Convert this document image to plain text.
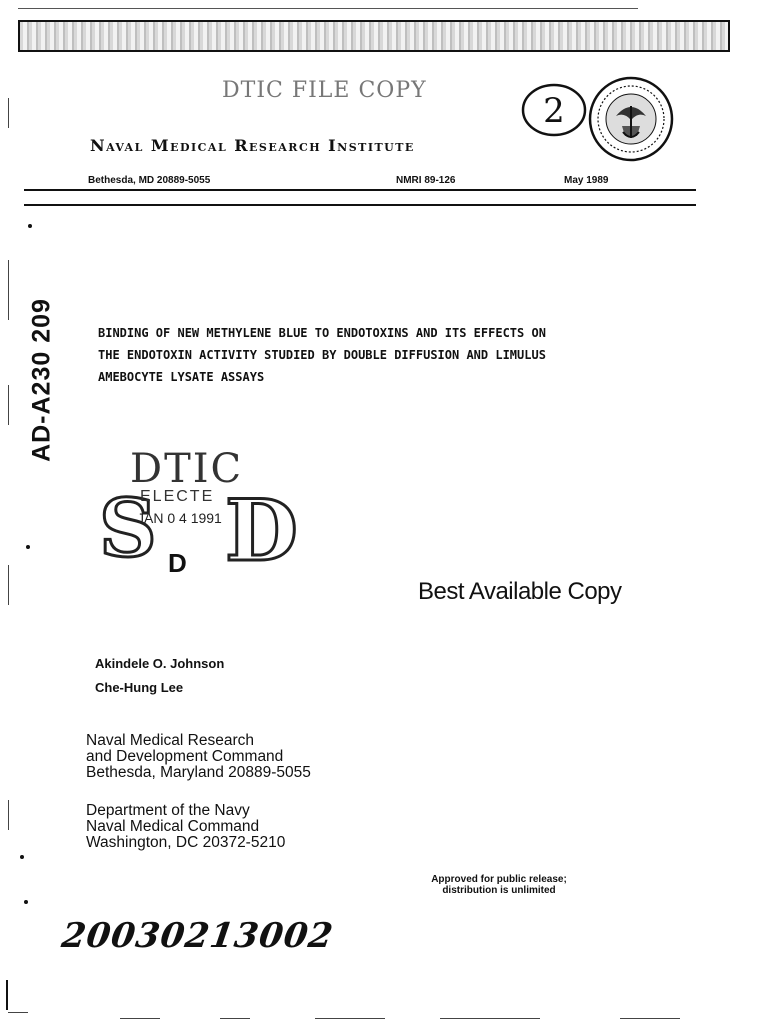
DTIC FILE COPY
2
Naval Medical Research Institute
Bethesda, MD 20889-5055	NMRI 89-126	May 1989
AD-A230 209	BINDING OF NEW METHYLENE BLUE TO ENDOTOXINS AND ITS EFFECTS ON
THE ENDOTOXIN ACTIVITY STUDIED BY DOUBLE DIFFUSION AND LIMULUS
AMEBOCYTE LYSATE ASSAYS
DTIC
S D
ELECTE
JAN 0 4 1991
D
Best Available Copy
Akindele O. Johnson
Che-Hung Lee
Naval Medical Research
and Development Command
Bethesda, Maryland 20889-5055
Department of the Navy
Naval Medical Command
Washington, DC 20372-5210
Approved for public release;
distribution is unlimited
20030213002
